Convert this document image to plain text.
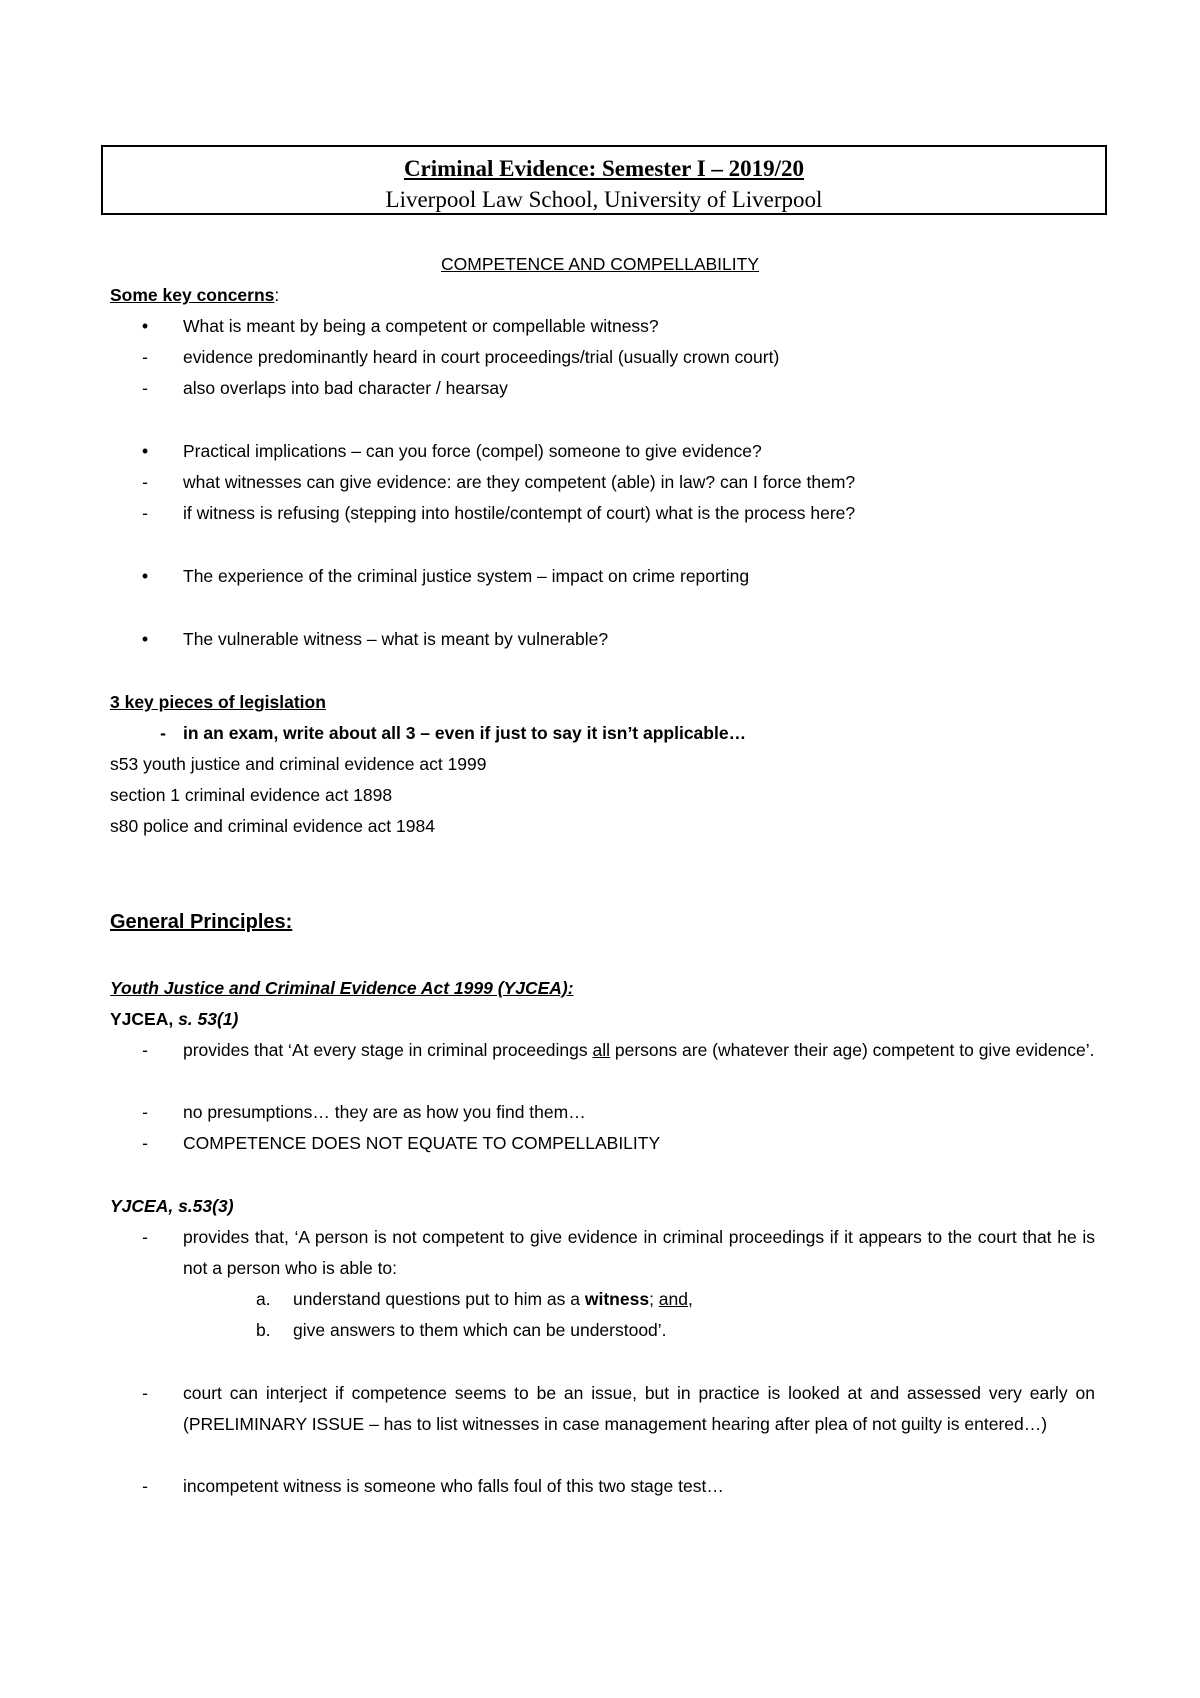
Criminal Evidence: Semester I – 2019/20
Liverpool Law School, University of Liverpool
COMPETENCE AND COMPELLABILITY
Some key concerns:
• What is meant by being a competent or compellable witness?
- evidence predominantly heard in court proceedings/trial (usually crown court)
- also overlaps into bad character / hearsay
• Practical implications – can you force (compel) someone to give evidence?
- what witnesses can give evidence: are they competent (able) in law? can I force them?
- if witness is refusing (stepping into hostile/contempt of court) what is the process here?
• The experience of the criminal justice system – impact on crime reporting
• The vulnerable witness – what is meant by vulnerable?
3 key pieces of legislation
- in an exam, write about all 3 – even if just to say it isn’t applicable…
s53 youth justice and criminal evidence act 1999
section 1 criminal evidence act 1898
s80 police and criminal evidence act 1984
General Principles:
Youth Justice and Criminal Evidence Act 1999 (YJCEA):
YJCEA, s. 53(1)
- provides that ‘At every stage in criminal proceedings all persons are (whatever their age) competent to give evidence’.
- no presumptions… they are as how you find them…
- COMPETENCE DOES NOT EQUATE TO COMPELLABILITY
YJCEA, s.53(3)
- provides that, ‘A person is not competent to give evidence in criminal proceedings if it appears to the court that he is not a person who is able to:
a. understand questions put to him as a witness; and,
b. give answers to them which can be understood’.
- court can interject if competence seems to be an issue, but in practice is looked at and assessed very early on (PRELIMINARY ISSUE – has to list witnesses in case management hearing after plea of not guilty is entered…)
- incompetent witness is someone who falls foul of this two stage test…
